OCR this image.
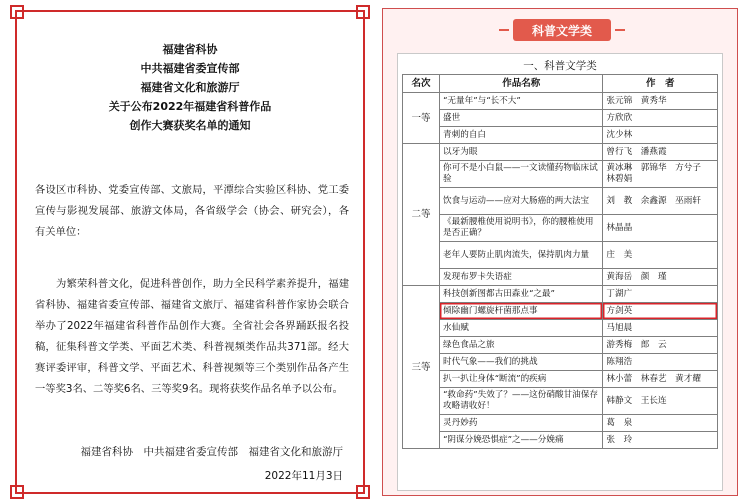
福建省科协

中共福建省委宣传部

福建省文化和旅游厅

关于公布2022年福建省科普作品

创作大赛获奖名单的通知

各设区市科协、党委宣传部、文旅局，平潭综合实验区科协、党工委宣传与影视发展部、旅游文体局，各省级学会（协会、研究会），各有关单位：

为繁荣科普文化，促进科普创作，助力全民科学素养提升，福建省科协、福建省委宣传部、福建省文旅厅、福建省科普作家协会联合举办了2022年福建省科普作品创作大赛。全省社会各界踊跃报名投稿，征集科普文学类、平面艺术类、科普视频类作品共371部。经大赛评委评审，科普文学、平面艺术、科普视频等三个类别作品各产生一等奖3名、二等奖6名、三等奖9名。现将获奖作品名单予以公布。

福建省科协　中共福建省委宣传部　福建省文化和旅游厅

2022年11月3日

科普文学类

一、科普文学类

名次	作品名称	作　者
一等	“无量年”与“长不大”	张元锦　黄秀华
	盛世	方欣欣
	青刺的自白	沈少林
二等	以牙为眼	曾行飞　潘燕霞
	你可不是小白鼠——一文读懂药物临床试验	黄冰琳　郭锦华　方兮子　林碧娟
	饮食与运动——应对大肠癌的两大法宝	刘　教　余鑫源　巫雨轩
	《最新腰椎使用说明书》，你的腰椎使用是否正确？	林晶晶
	老年人要防止肌肉流失，保持肌肉力量	庄　美
	发现布罗卡失语症	黄海岳　颜　瑾
三等	科技创新图都古田森业“之最”	丁湖广
	倾除幽门螺旋杆菌那点事	方剑英
	水仙赋	马旭晨
	绿色食品之旅	游秀梅　郎　云
	时代气象——我们的挑战	陈翔浩
	扒一扒让身体“断流”的疾病	林小蕾　林春艺　黄才耀
	“救命药”失效了？——这份硝酸甘油保存攻略请收好！	韩静文　王长连
	灵丹妙药	葛　泉
	“阴谋分娩恐惧症”之——分娩痛	张　玲
